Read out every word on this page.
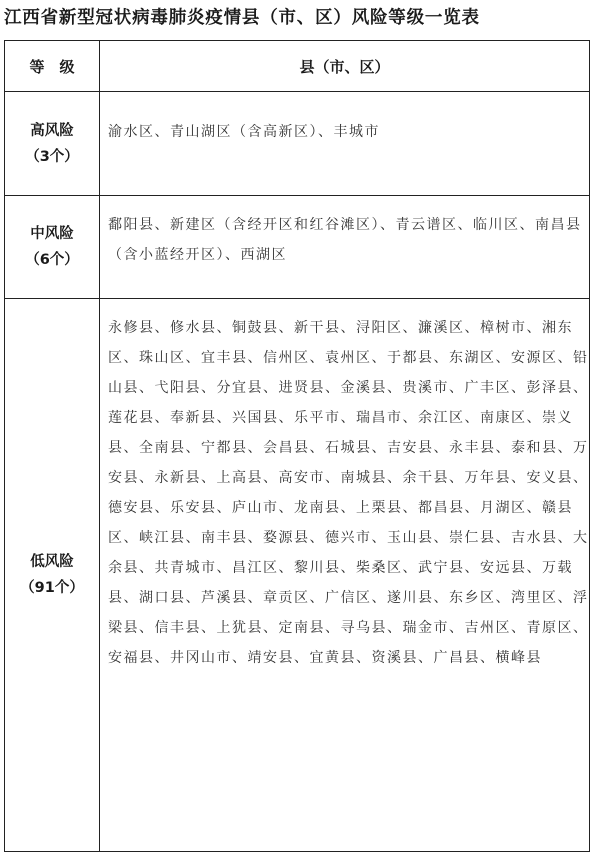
江西省新型冠状病毒肺炎疫情县（市、区）风险等级一览表
等　级	县（市、区）

高风险
（3个）	渝水区、青山湖区（含高新区）、丰城市

中风险
（6个）	鄱阳县、新建区（含经开区和红谷滩区）、青云谱区、临川区、南昌县（含小蓝经开区）、西湖区

低风险
（91个）	永修县、修水县、铜鼓县、新干县、浔阳区、濂溪区、樟树市、湘东区、珠山区、宜丰县、信州区、袁州区、于都县、东湖区、安源区、铅山县、弋阳县、分宜县、进贤县、金溪县、贵溪市、广丰区、彭泽县、莲花县、奉新县、兴国县、乐平市、瑞昌市、余江区、南康区、崇义县、全南县、宁都县、会昌县、石城县、吉安县、永丰县、泰和县、万安县、永新县、上高县、高安市、南城县、余干县、万年县、安义县、德安县、乐安县、庐山市、龙南县、上栗县、都昌县、月湖区、赣县区、峡江县、南丰县、婺源县、德兴市、玉山县、崇仁县、吉水县、大余县、共青城市、昌江区、黎川县、柴桑区、武宁县、安远县、万载县、湖口县、芦溪县、章贡区、广信区、遂川县、东乡区、湾里区、浮梁县、信丰县、上犹县、定南县、寻乌县、瑞金市、吉州区、青原区、安福县、井冈山市、靖安县、宜黄县、资溪县、广昌县、横峰县
